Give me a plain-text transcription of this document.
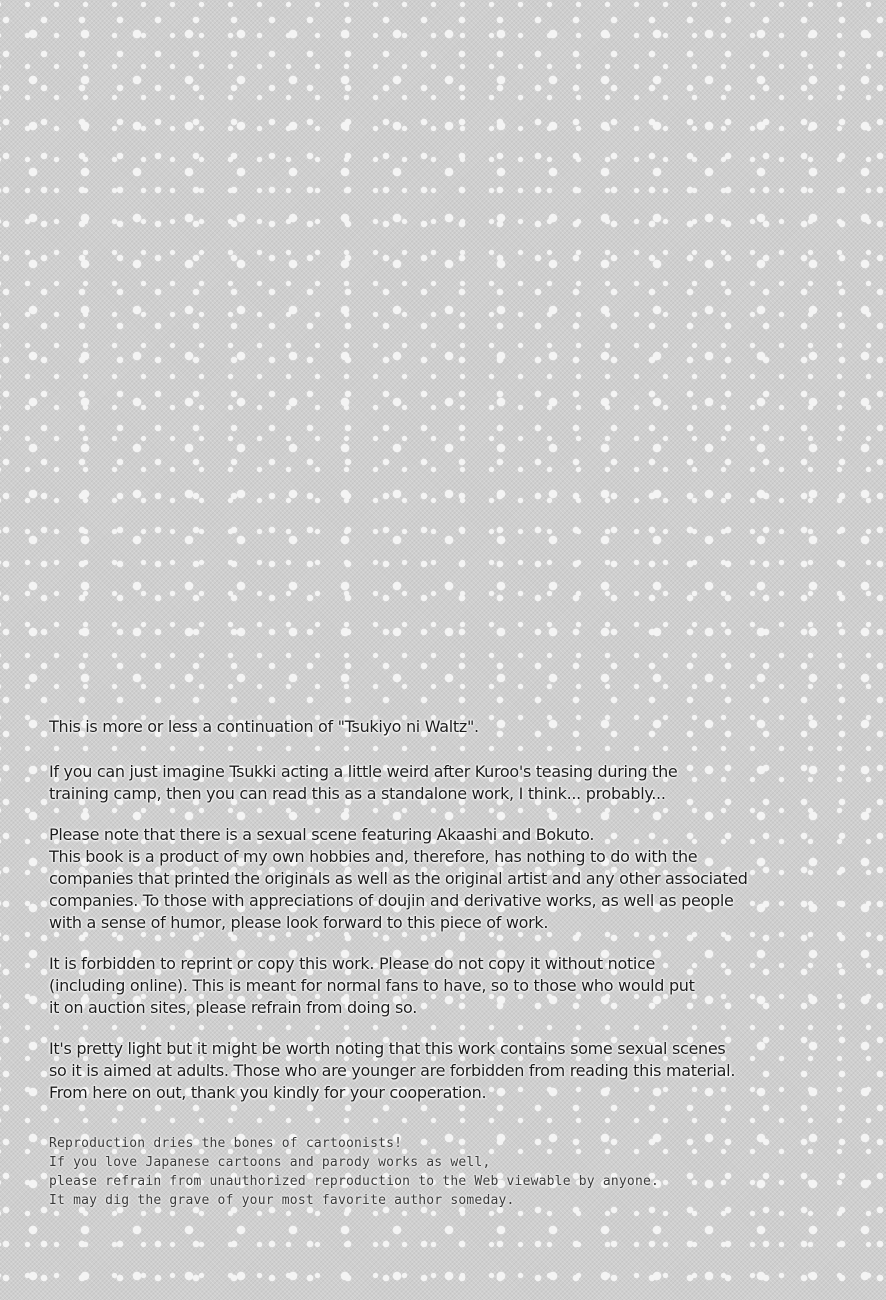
This is more or less a continuation of "Tsukiyo ni Waltz".

If you can just imagine Tsukki acting a little weird after Kuroo's teasing during the
training camp, then you can read this as a standalone work, I think... probably...

Please note that there is a sexual scene featuring Akaashi and Bokuto.
This book is a product of my own hobbies and, therefore, has nothing to do with the
companies that printed the originals as well as the original artist and any other associated
companies. To those with appreciations of doujin and derivative works, as well as people
with a sense of humor, please look forward to this piece of work.

It is forbidden to reprint or copy this work. Please do not copy it without notice
(including online). This is meant for normal fans to have, so to those who would put
it on auction sites, please refrain from doing so.

It's pretty light but it might be worth noting that this work contains some sexual scenes
so it is aimed at adults. Those who are younger are forbidden from reading this material.
From here on out, thank you kindly for your cooperation.

Reproduction dries the bones of cartoonists!
If you love Japanese cartoons and parody works as well,
please refrain from unauthorized reproduction to the Web viewable by anyone.
It may dig the grave of your most favorite author someday.
